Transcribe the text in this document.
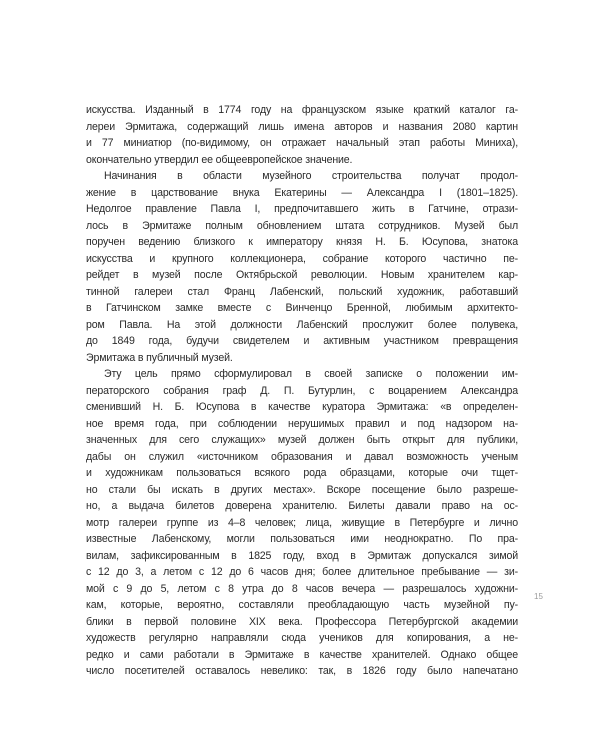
искусства. Изданный в 1774 году на французском языке краткий каталог га-
лереи Эрмитажа, содержащий лишь имена авторов и названия 2080 картин
и 77 миниатюр (по-видимому, он отражает начальный этап работы Миниха),
окончательно утвердил ее общеевропейское значение.
Начинания в области музейного строительства получат продол-
жение в царствование внука Екатерины — Александра I (1801–1825).
Недолгое правление Павла I, предпочитавшего жить в Гатчине, отрази-
лось в Эрмитаже полным обновлением штата сотрудников. Музей был
поручен ведению близкого к императору князя Н. Б. Юсупова, знатока
искусства и крупного коллекционера, собрание которого частично пе-
рейдет в музей после Октябрьской революции. Новым хранителем кар-
тинной галереи стал Франц Лабенский, польский художник, работавший
в Гатчинском замке вместе с Винченцо Бренной, любимым архитекто-
ром Павла. На этой должности Лабенский прослужит более полувека,
до 1849 года, будучи свидетелем и активным участником превращения
Эрмитажа в публичный музей.
Эту цель прямо сформулировал в своей записке о положении им-
ператорского собрания граф Д. П. Бутурлин, с воцарением Александра
сменивший Н. Б. Юсупова в качестве куратора Эрмитажа: «в определен-
ное время года, при соблюдении нерушимых правил и под надзором на-
значенных для сего служащих» музей должен быть открыт для публики,
дабы он служил «источником образования и давал возможность ученым
и художникам пользоваться всякого рода образцами, которые очи тщет-
но стали бы искать в других местах». Вскоре посещение было разреше-
но, а выдача билетов доверена хранителю. Билеты давали право на ос-
мотр галереи группе из 4–8 человек; лица, живущие в Петербурге и лично
известные Лабенскому, могли пользоваться ими неоднократно. По пра-
вилам, зафиксированным в 1825 году, вход в Эрмитаж допускался зимой
с 12 до 3, а летом с 12 до 6 часов дня; более длительное пребывание — зи-
мой с 9 до 5, летом с 8 утра до 8 часов вечера — разрешалось художни-
кам, которые, вероятно, составляли преобладающую часть музейной пу-
блики в первой половине XIX века. Профессора Петербургской академии
художеств регулярно направляли сюда учеников для копирования, а не-
редко и сами работали в Эрмитаже в качестве хранителей. Однако общее
число посетителей оставалось невелико: так, в 1826 году было напечатано
15
